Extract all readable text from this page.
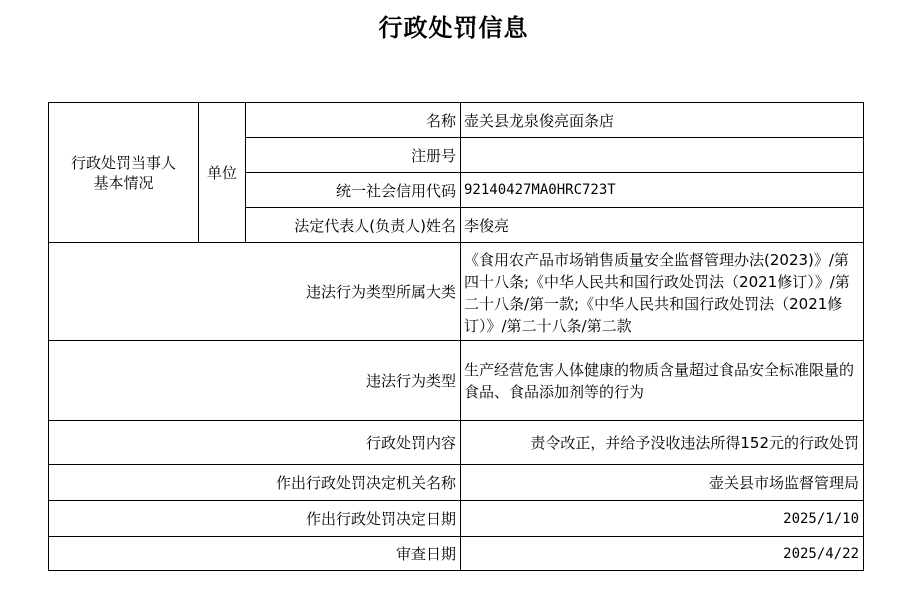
行政处罚信息
行政处罚当事人基本情况	单位	名称	壶关县龙泉俊亮面条店
		注册号	
		统一社会信用代码	92140427MA0HRC723T
		法定代表人(负责人)姓名	李俊亮
违法行为类型所属大类			《食用农产品市场销售质量安全监督管理办法(2023)》/第四十八条;《中华人民共和国行政处罚法（2021修订）》/第二十八条/第一款;《中华人民共和国行政处罚法（2021修订）》/第二十八条/第二款

违法行为类型			生产经营危害人体健康的物质含量超过食品安全标准限量的食品、食品添加剂等的行为
行政处罚内容			责令改正，并给予没收违法所得152元的行政处罚
作出行政处罚决定机关名称			壶关县市场监督管理局
作出行政处罚决定日期			2025/1/10
审查日期			2025/4/22
